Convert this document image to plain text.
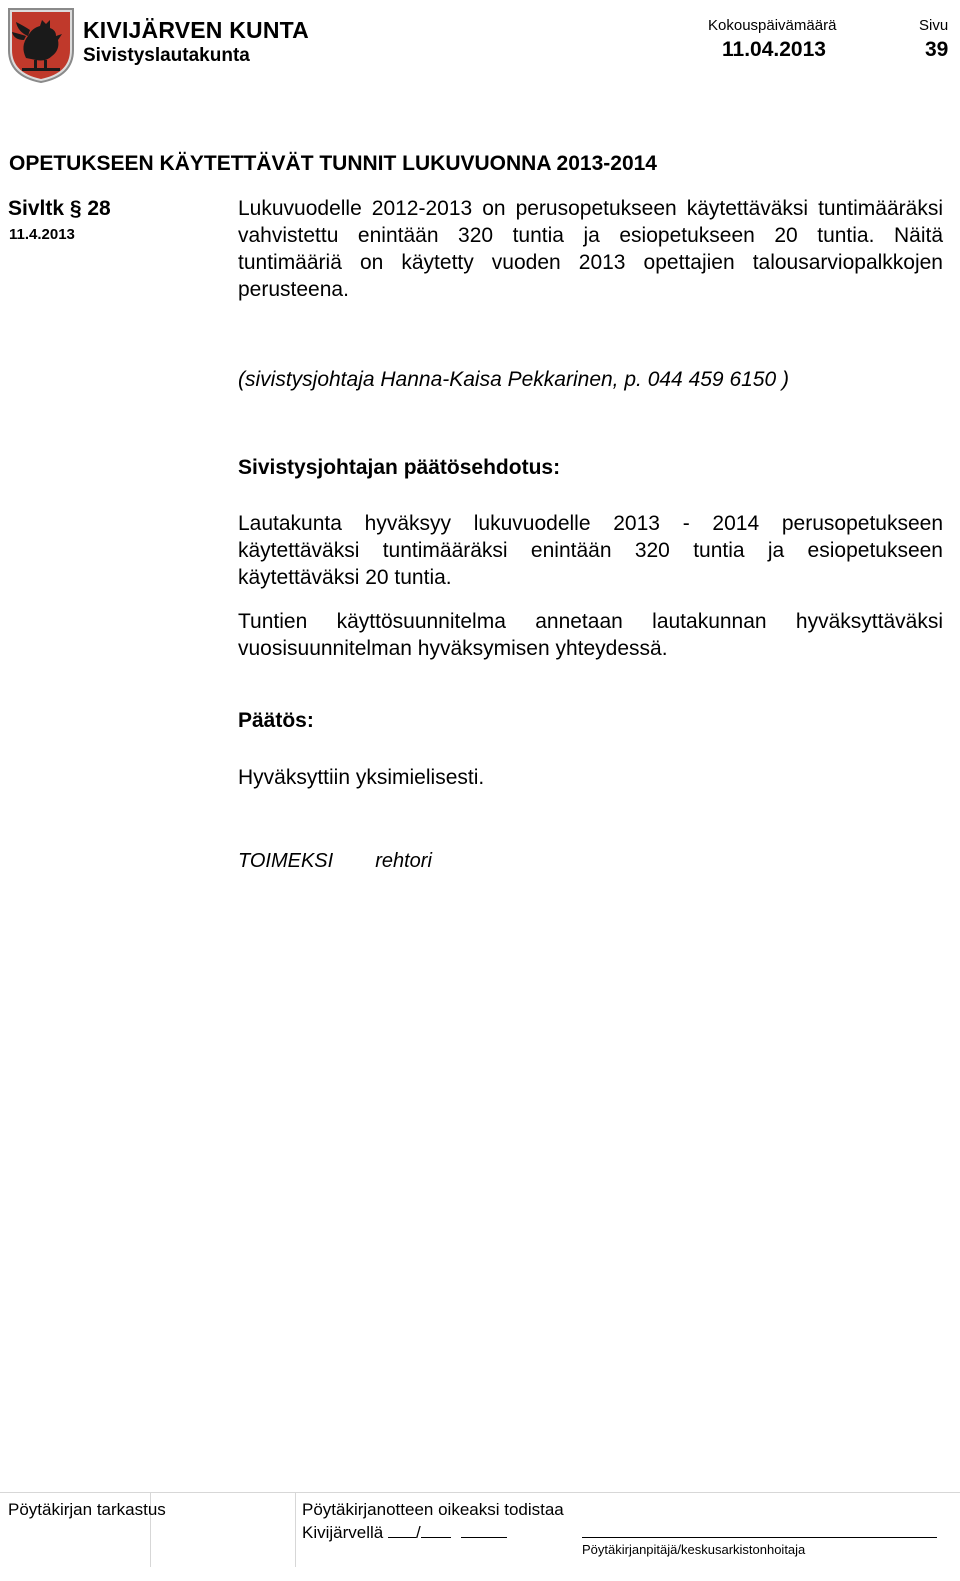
KIVIJÄRVEN KUNTA
Sivistyslautakunta
Kokouspäivämäärä	Sivu
11.04.2013	39
OPETUKSEEN KÄYTETTÄVÄT TUNNIT LUKUVUONNA 2013-2014
Sivltk § 28
11.4.2013
Lukuvuodelle 2012-2013 on perusopetukseen käytettäväksi tuntimääräksi vahvistettu enintään 320 tuntia ja esiopetukseen 20 tuntia. Näitä tuntimääriä on käytetty vuoden 2013 opettajien talousarviopalkkojen perusteena.
(sivistysjohtaja Hanna-Kaisa Pekkarinen, p. 044 459 6150 )
Sivistysjohtajan päätösehdotus:
Lautakunta hyväksyy lukuvuodelle 2013 - 2014 perusopetukseen käytettäväksi tuntimääräksi enintään 320 tuntia ja esiopetukseen käytettäväksi 20 tuntia.
Tuntien käyttösuunnitelma annetaan lautakunnan hyväksyttäväksi vuosisuunnitelman hyväksymisen yhteydessä.
Päätös:
Hyväksyttiin yksimielisesti.
TOIMEKSI rehtori
Pöytäkirjan tarkastus	Pöytäkirjanotteen oikeaksi todistaa
Kivijärvellä /
Pöytäkirjanpitäjä/keskusarkistonhoitaja
